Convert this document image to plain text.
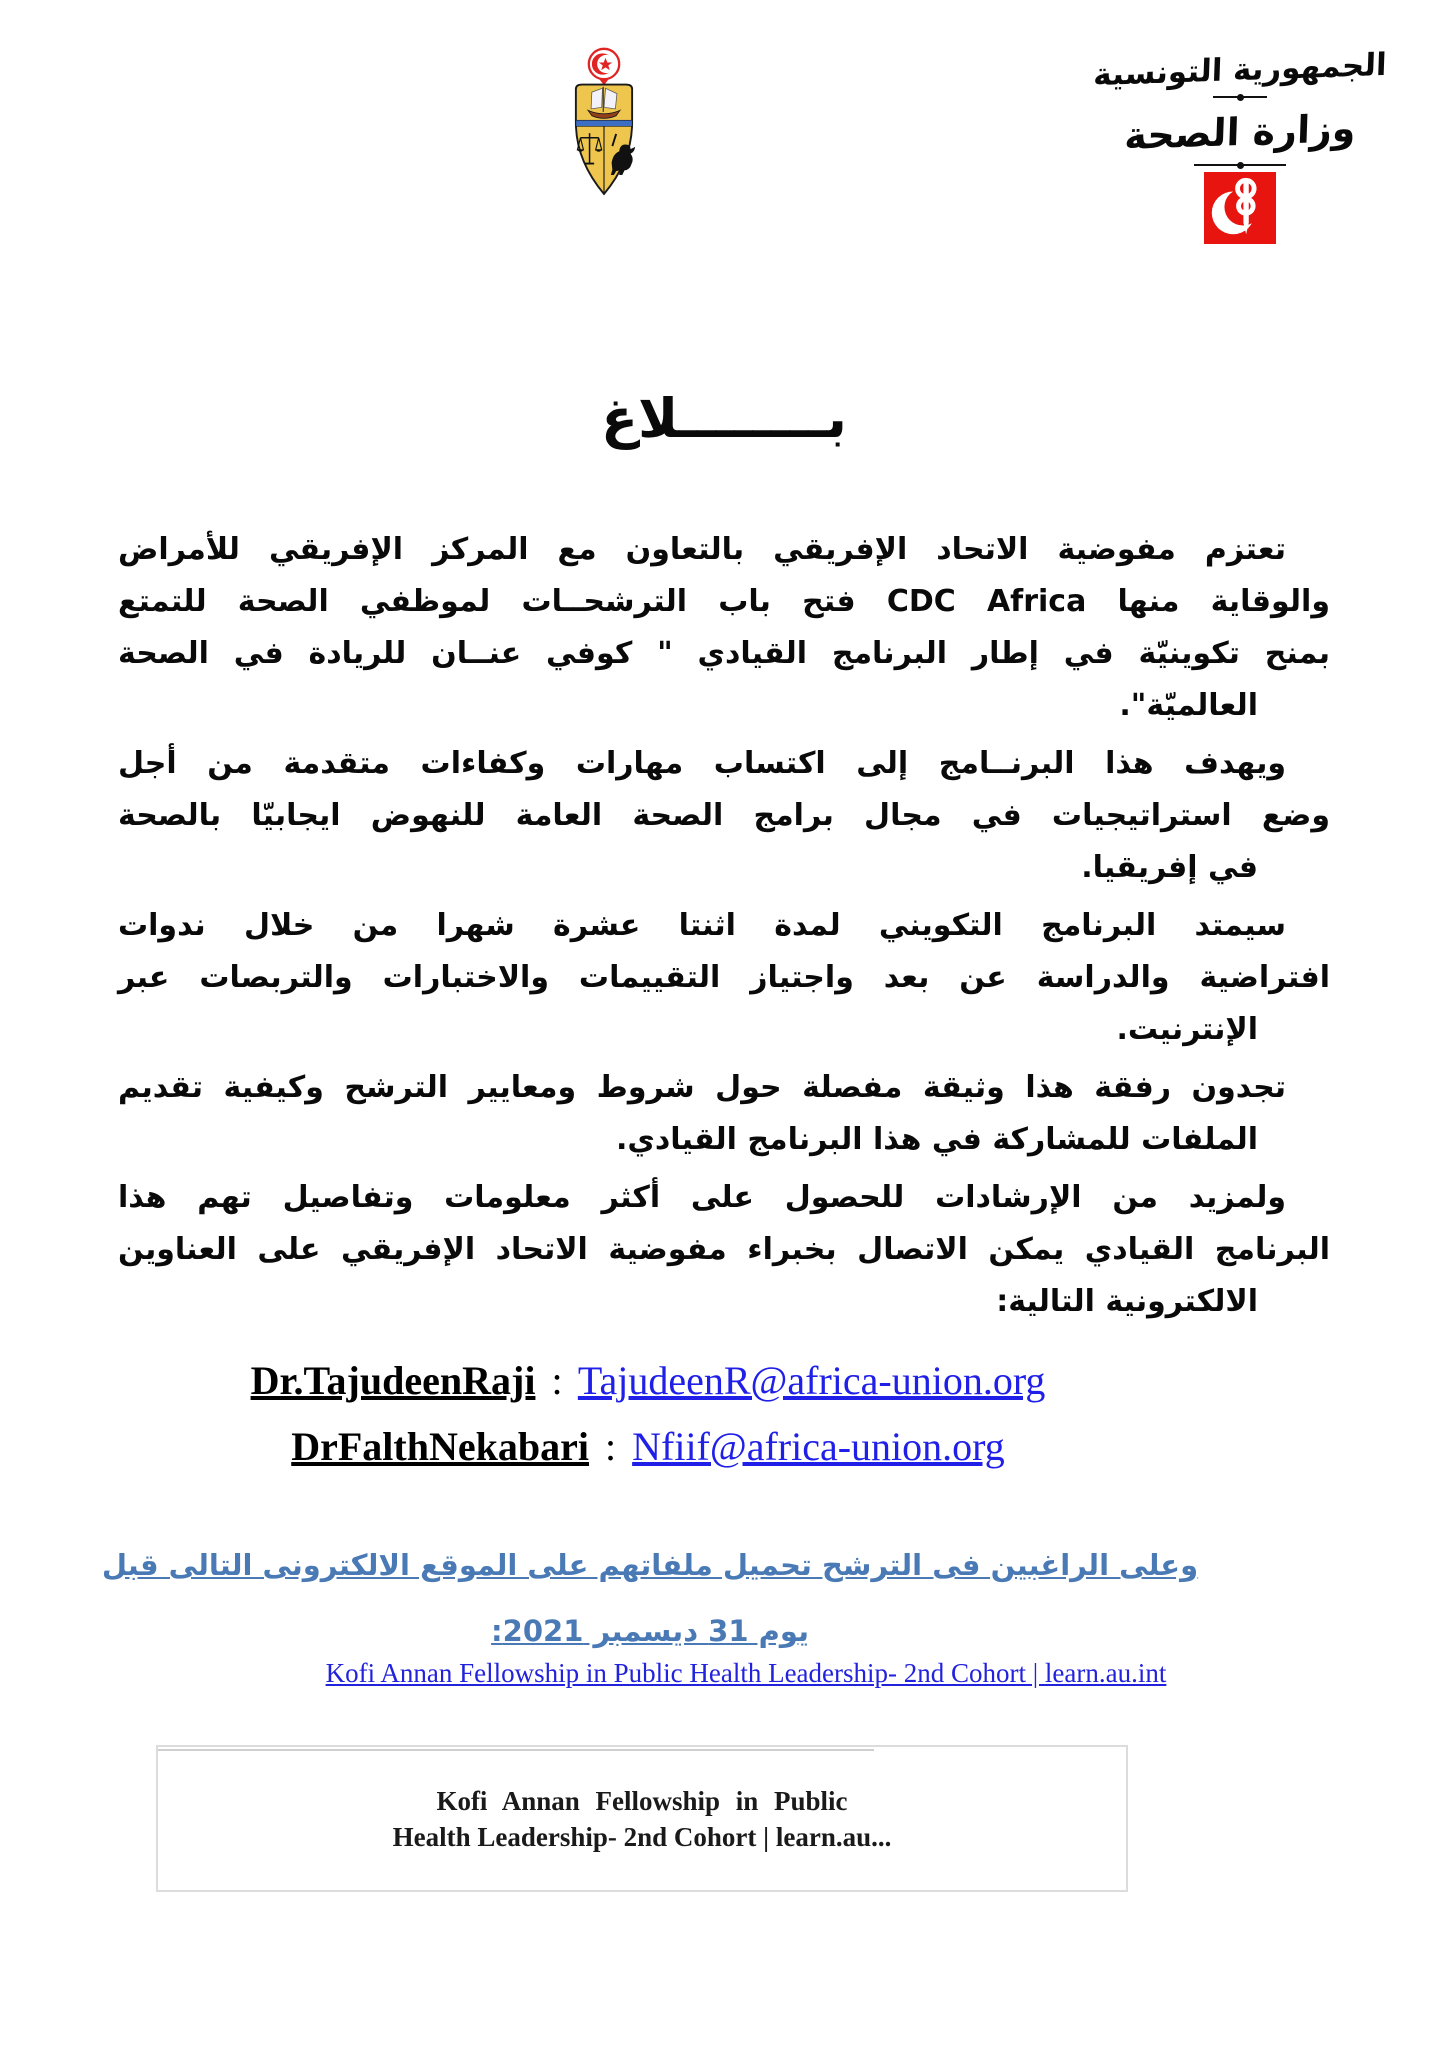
الجمهورية التونسية
وزارة الصحة
بــــــــلاغ
تعتزم مفوضية الاتحاد الإفريقي بالتعاون مع المركز الإفريقي للأمراض
والوقاية منها CDC Africa فتح باب الترشحــات لموظفي الصحة للتمتع
بمنح تكوينيّة في إطار البرنامج القيادي " كوفي عنــان للريادة في الصحة
العالميّة".
ويهدف هذا البرنــامج إلى اكتساب مهارات وكفاءات متقدمة من أجل
وضع استراتيجيات في مجال برامج الصحة العامة للنهوض ايجابيّا بالصحة
في إفريقيا.
سيمتد البرنامج التكويني لمدة اثنتا عشرة شهرا من خلال ندوات
افتراضية والدراسة عن بعد واجتياز التقييمات والاختبارات والتربصات عبر
الإنترنيت.
تجدون رفقة هذا وثيقة مفصلة حول شروط ومعايير الترشح وكيفية تقديم
الملفات للمشاركة في هذا البرنامج القيادي.
ولمزيد من الإرشادات للحصول على أكثر معلومات وتفاصيل تهم هذا
البرنامج القيادي يمكن الاتصال بخبراء مفوضية الاتحاد الإفريقي على العناوين
الالكترونية التالية:
Dr.TajudeenRaji : TajudeenR@africa-union.org
DrFalthNekabari : Nfiif@africa-union.org
وعلى الراغبين فى الترشح تحميل ملفاتهم على الموقع الالكترونى التالى قبل
يوم 31 ديسمبر 2021:
Kofi Annan Fellowship in Public Health Leadership- 2nd Cohort | learn.au.int
Kofi Annan Fellowship in Public
Health Leadership- 2nd Cohort | learn.au...
